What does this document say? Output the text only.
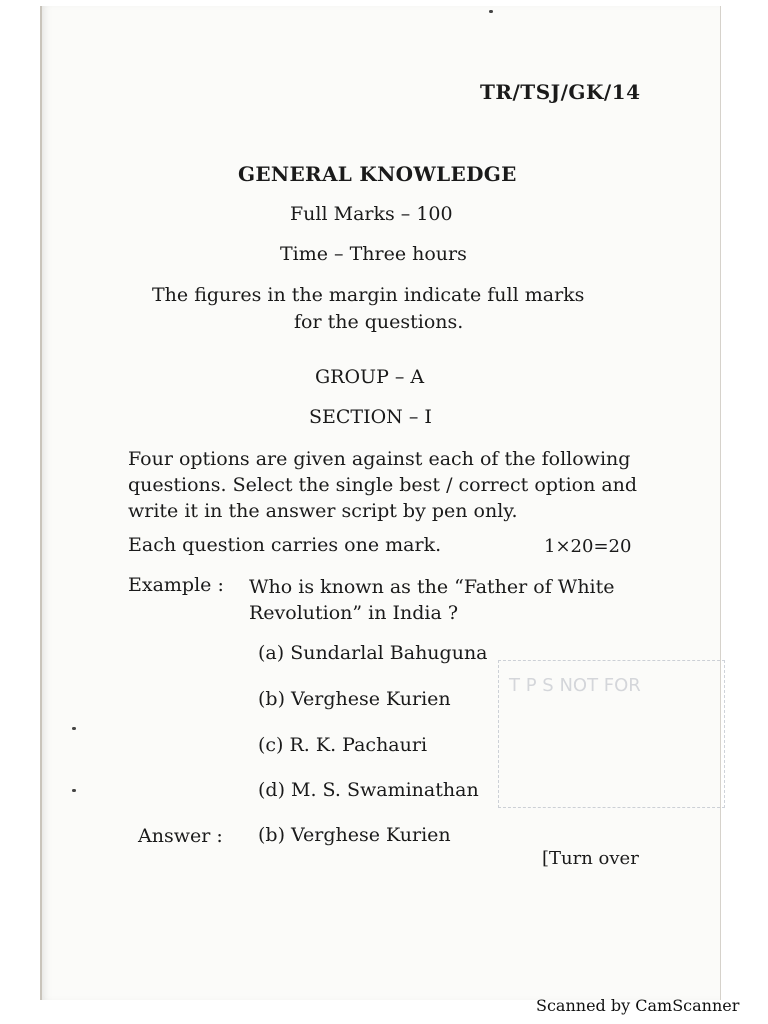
TR/TSJ/GK/14
GENERAL KNOWLEDGE
Full Marks – 100
Time – Three hours
The figures in the margin indicate full marks
for the questions.
GROUP – A
SECTION – I
Four options are given against each of the following questions. Select the single best / correct option and write it in the answer script by pen only.
Each question carries one mark.	1×20=20
Example : Who is known as the “Father of White Revolution” in India ?
(a) Sundarlal Bahuguna
(b) Verghese Kurien
(c) R. K. Pachauri
(d) M. S. Swaminathan
T P S NOT FOR
Answer : (b) Verghese Kurien
[Turn over
Scanned by CamScanner
